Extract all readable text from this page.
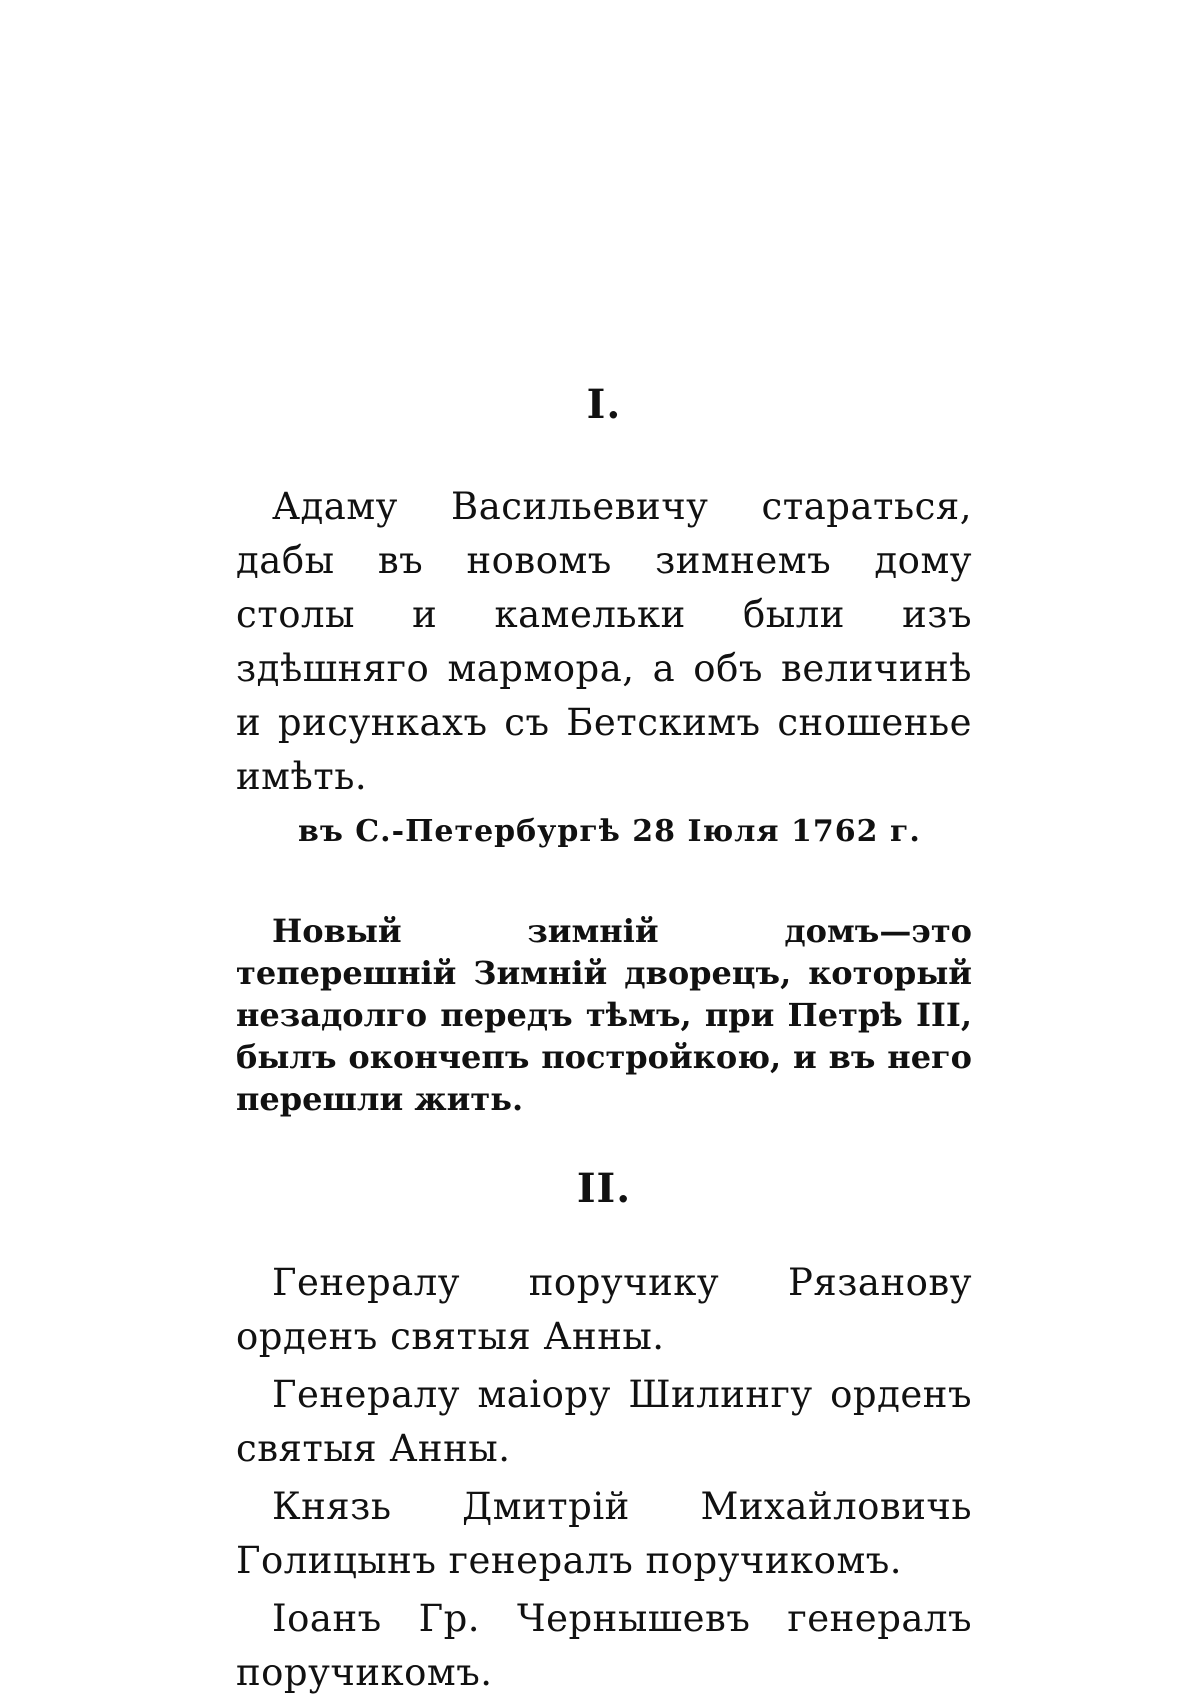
I.

Адаму Васильевичу стараться, дабы въ новомъ зимнемъ дому столы и камельки были изъ здѣшняго мармора, а объ величинѣ и рисункахъ съ Бетскимъ сношенье имѣть.

въ С.-Петербургѣ 28 Іюля 1762 г.

Новый зимній домъ—это теперешній Зимній дворецъ, который незадолго передъ тѣмъ, при Петрѣ III, былъ окончепъ постройкою, и въ него перешли жить.

II.

Генералу поручику Рязанову орденъ святыя Анны.

Генералу маіору Шилингу орденъ святыя Анны.

Князь Дмитрій Михайловичь Голицынъ генералъ поручикомъ.

Іоанъ Гр. Чернышевъ генералъ поручикомъ.
